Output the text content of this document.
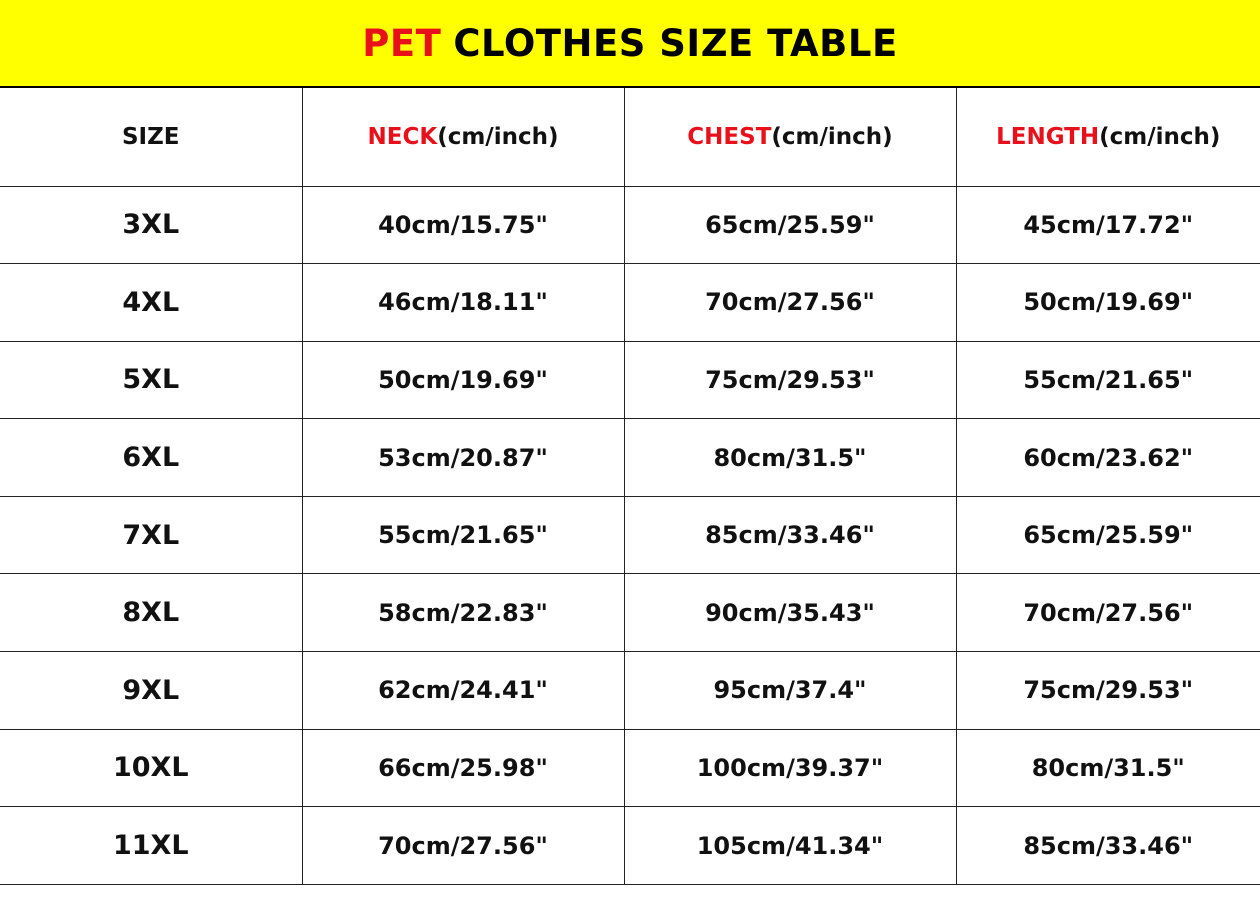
PET CLOTHES SIZE TABLE
SIZE	NECK(cm/inch)	CHEST(cm/inch)	LENGTH(cm/inch)
3XL	40cm/15.75"	65cm/25.59"	45cm/17.72"
4XL	46cm/18.11"	70cm/27.56"	50cm/19.69"
5XL	50cm/19.69"	75cm/29.53"	55cm/21.65"
6XL	53cm/20.87"	80cm/31.5"	60cm/23.62"
7XL	55cm/21.65"	85cm/33.46"	65cm/25.59"
8XL	58cm/22.83"	90cm/35.43"	70cm/27.56"
9XL	62cm/24.41"	95cm/37.4"	75cm/29.53"
10XL	66cm/25.98"	100cm/39.37"	80cm/31.5"
11XL	70cm/27.56"	105cm/41.34"	85cm/33.46"
